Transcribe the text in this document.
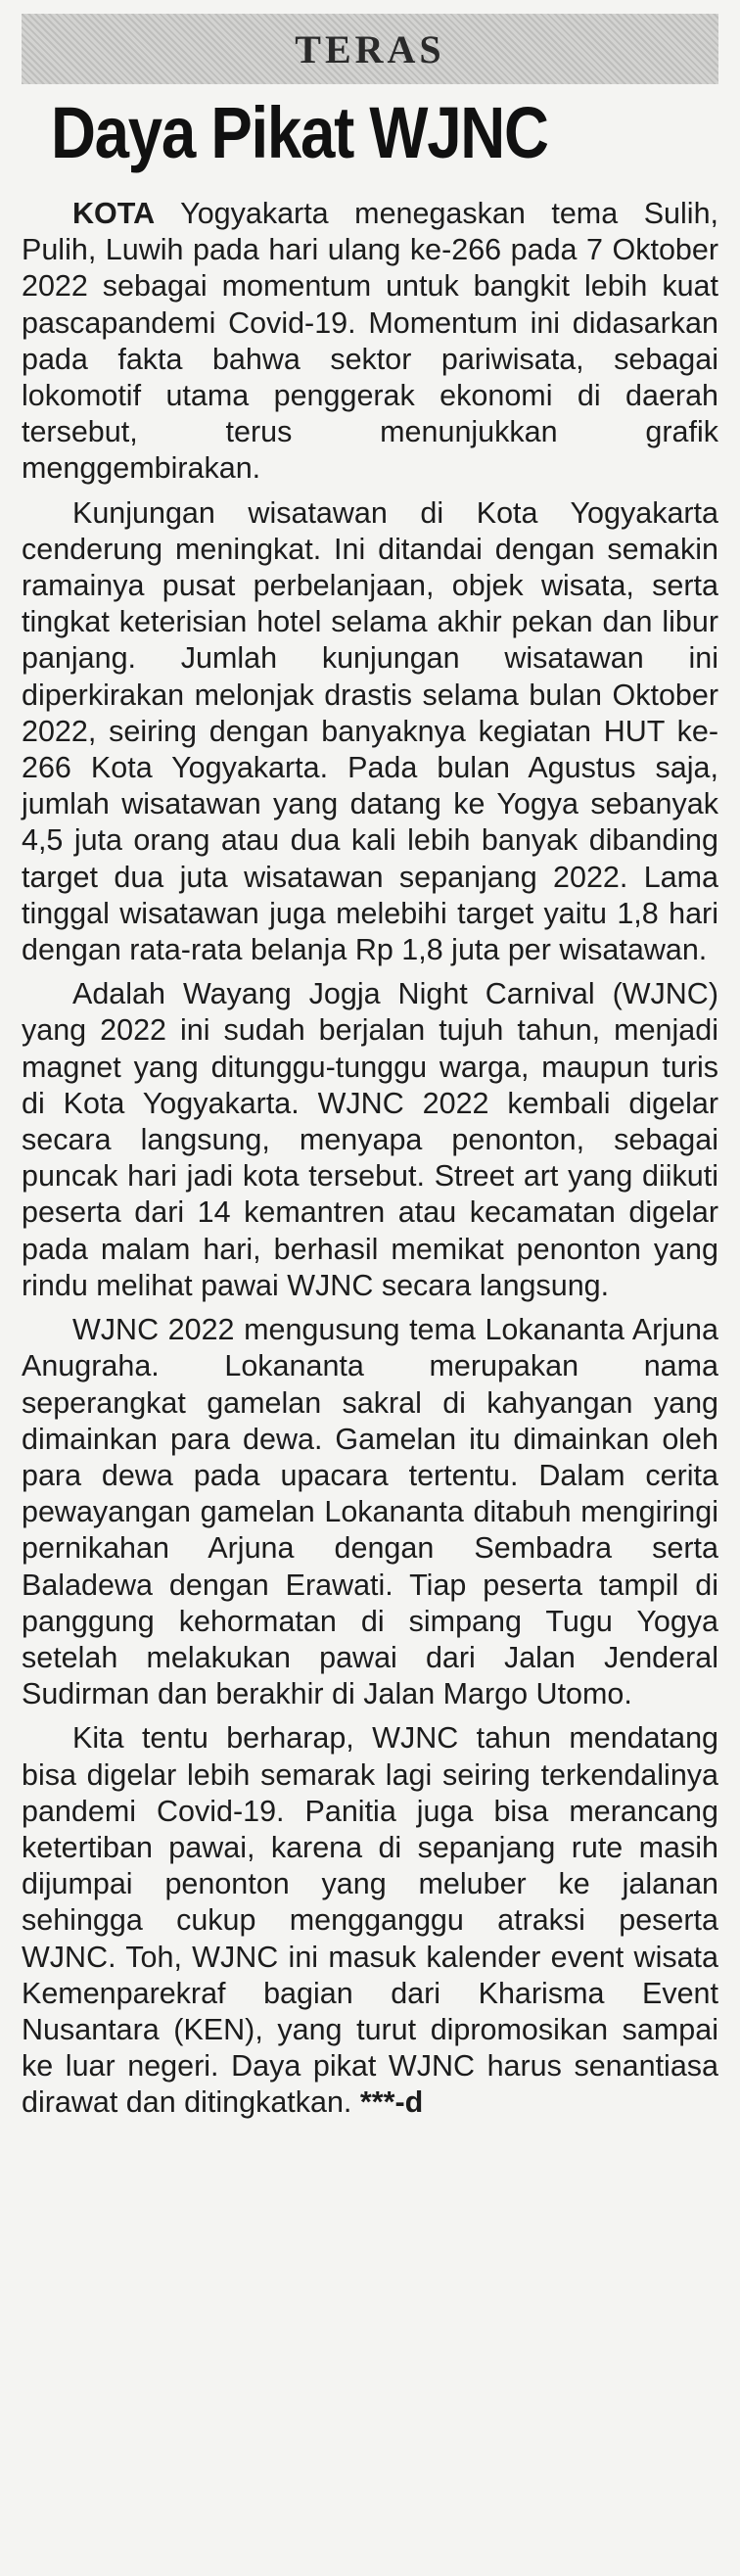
TERAS
Daya Pikat WJNC

KOTA Yogyakarta menegaskan tema Sulih, Pulih, Luwih pada hari ulang ke-266 pada 7 Oktober 2022 sebagai momentum untuk bangkit lebih kuat pascapandemi Covid-19. Momentum ini didasarkan pada fakta bahwa sektor pariwisata, sebagai lokomotif utama penggerak ekonomi di daerah tersebut, terus menunjukkan grafik menggembirakan.

Kunjungan wisatawan di Kota Yogyakarta cenderung meningkat. Ini ditandai dengan semakin ramainya pusat perbelanjaan, objek wisata, serta tingkat keterisian hotel selama akhir pekan dan libur panjang. Jumlah kunjungan wisatawan ini diperkirakan melonjak drastis selama bulan Oktober 2022, seiring dengan banyaknya kegiatan HUT ke-266 Kota Yogyakarta. Pada bulan Agustus saja, jumlah wisatawan yang datang ke Yogya sebanyak 4,5 juta orang atau dua kali lebih banyak dibanding target dua juta wisatawan sepanjang 2022. Lama tinggal wisatawan juga melebihi target yaitu 1,8 hari dengan rata-rata belanja Rp 1,8 juta per wisatawan.

Adalah Wayang Jogja Night Carnival (WJNC) yang 2022 ini sudah berjalan tujuh tahun, menjadi magnet yang ditunggu-tunggu warga, maupun turis di Kota Yogyakarta. WJNC 2022 kembali digelar secara langsung, menyapa penonton, sebagai puncak hari jadi kota tersebut. Street art yang diikuti peserta dari 14 kemantren atau kecamatan digelar pada malam hari, berhasil memikat penonton yang rindu melihat pawai WJNC secara langsung.

WJNC 2022 mengusung tema Lokananta Arjuna Anugraha. Lokananta merupakan nama seperangkat gamelan sakral di kahyangan yang dimainkan para dewa. Gamelan itu dimainkan oleh para dewa pada upacara tertentu. Dalam cerita pewayangan gamelan Lokananta ditabuh mengiringi pernikahan Arjuna dengan Sembadra serta Baladewa dengan Erawati. Tiap peserta tampil di panggung kehormatan di simpang Tugu Yogya setelah melakukan pawai dari Jalan Jenderal Sudirman dan berakhir di Jalan Margo Utomo.

Kita tentu berharap, WJNC tahun mendatang bisa digelar lebih semarak lagi seiring terkendalinya pandemi Covid-19. Panitia juga bisa merancang ketertiban pawai, karena di sepanjang rute masih dijumpai penonton yang meluber ke jalanan sehingga cukup mengganggu atraksi peserta WJNC. Toh, WJNC ini masuk kalender event wisata Kemenparekraf bagian dari Kharisma Event Nusantara (KEN), yang turut dipromosikan sampai ke luar negeri. Daya pikat WJNC harus senantiasa dirawat dan ditingkatkan. ***-d
